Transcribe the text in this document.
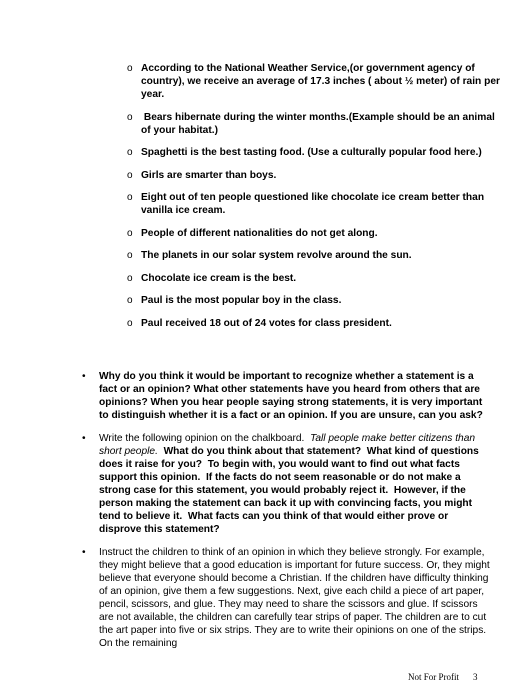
o According to the National Weather Service,(or government agency of country), we receive an average of 17.3 inches ( about ½ meter) of rain per year.
o Bears hibernate during the winter months.(Example should be an animal of your habitat.)
o Spaghetti is the best tasting food. (Use a culturally popular food here.)
o Girls are smarter than boys.
o Eight out of ten people questioned like chocolate ice cream better than vanilla ice cream.
o People of different nationalities do not get along.
o The planets in our solar system revolve around the sun.
o Chocolate ice cream is the best.
o Paul is the most popular boy in the class.
o Paul received 18 out of 24 votes for class president.
• Why do you think it would be important to recognize whether a statement is a fact or an opinion? What other statements have you heard from others that are opinions? When you hear people saying strong statements, it is very important to distinguish whether it is a fact or an opinion. If you are unsure, can you ask?
• Write the following opinion on the chalkboard.  Tall people make better citizens than short people.  What do you think about that statement?  What kind of questions does it raise for you?  To begin with, you would want to find out what facts support this opinion.  If the facts do not seem reasonable or do not make a strong case for this statement, you would probably reject it.  However, if the person making the statement can back it up with convincing facts, you might tend to believe it.  What facts can you think of that would either prove or disprove this statement?
• Instruct the children to think of an opinion in which they believe strongly. For example, they might believe that a good education is important for future success. Or, they might believe that everyone should become a Christian. If the children have difficulty thinking of an opinion, give them a few suggestions. Next, give each child a piece of art paper, pencil, scissors, and glue. They may need to share the scissors and glue. If scissors are not available, the children can carefully tear strips of paper. The children are to cut the art paper into five or six strips. They are to write their opinions on one of the strips. On the remaining
Not For Profit 3
